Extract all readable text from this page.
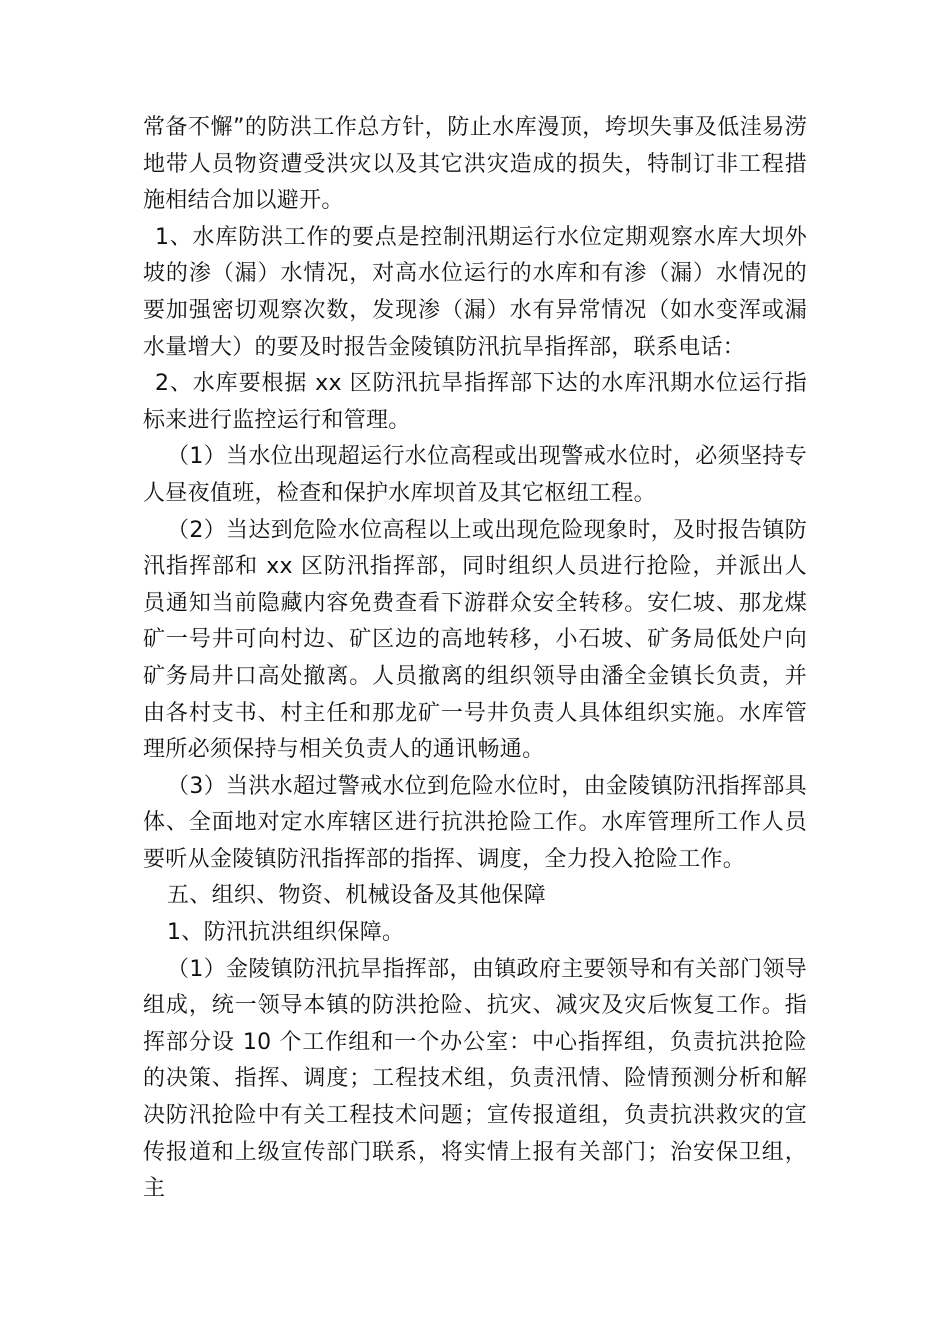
常备不懈”的防洪工作总方针，防止水库漫顶，垮坝失事及低洼易涝地带人员物资遭受洪灾以及其它洪灾造成的损失，特制订非工程措施相结合加以避开。

1、水库防洪工作的要点是控制汛期运行水位定期观察水库大坝外坡的渗（漏）水情况，对高水位运行的水库和有渗（漏）水情况的要加强密切观察次数，发现渗（漏）水有异常情况（如水变浑或漏水量增大）的要及时报告金陵镇防汛抗旱指挥部，联系电话：

2、水库要根据 xx 区防汛抗旱指挥部下达的水库汛期水位运行指标来进行监控运行和管理。

（1）当水位出现超运行水位高程或出现警戒水位时，必须坚持专人昼夜值班，检查和保护水库坝首及其它枢纽工程。

（2）当达到危险水位高程以上或出现危险现象时，及时报告镇防汛指挥部和 xx 区防汛指挥部，同时组织人员进行抢险，并派出人员通知当前隐藏内容免费查看下游群众安全转移。安仁坡、那龙煤矿一号井可向村边、矿区边的高地转移，小石坡、矿务局低处户向矿务局井口高处撤离。人员撤离的组织领导由潘全金镇长负责，并由各村支书、村主任和那龙矿一号井负责人具体组织实施。水库管理所必须保持与相关负责人的通讯畅通。

（3）当洪水超过警戒水位到危险水位时，由金陵镇防汛指挥部具体、全面地对定水库辖区进行抗洪抢险工作。水库管理所工作人员要听从金陵镇防汛指挥部的指挥、调度，全力投入抢险工作。

五、组织、物资、机械设备及其他保障

1、防汛抗洪组织保障。

（1）金陵镇防汛抗旱指挥部，由镇政府主要领导和有关部门领导组成，统一领导本镇的防洪抢险、抗灾、减灾及灾后恢复工作。指挥部分设 10 个工作组和一个办公室：中心指挥组，负责抗洪抢险的决策、指挥、调度；工程技术组，负责汛情、险情预测分析和解决防汛抢险中有关工程技术问题；宣传报道组，负责抗洪救灾的宣传报道和上级宣传部门联系，将实情上报有关部门；治安保卫组，主
